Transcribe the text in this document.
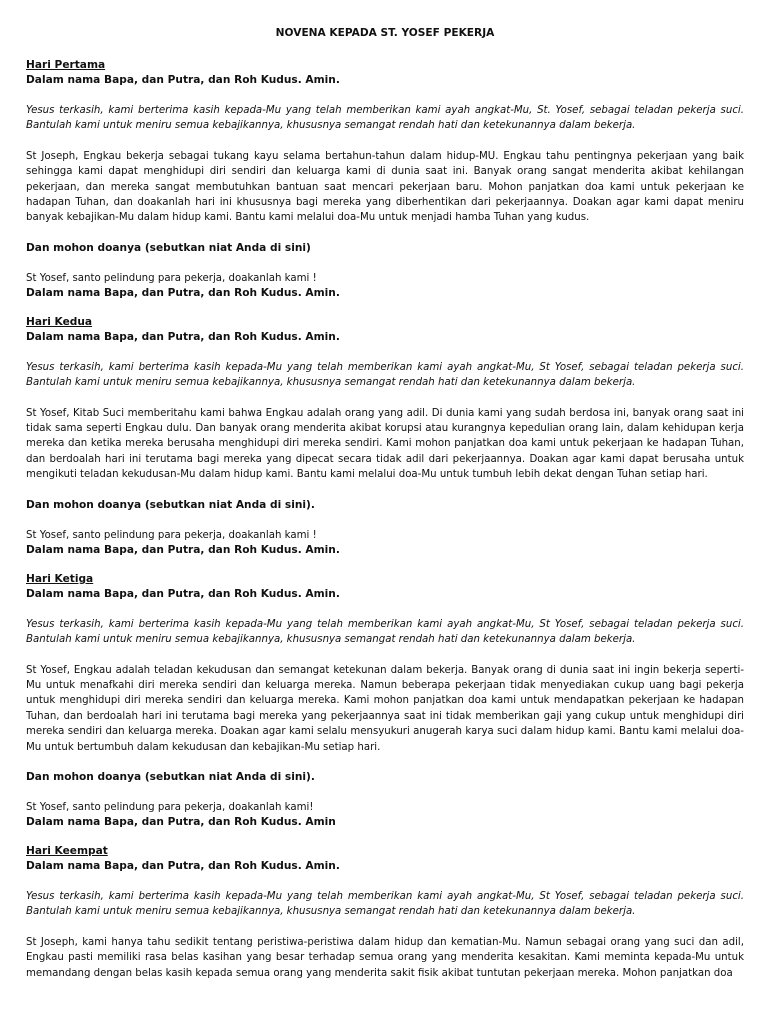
NOVENA KEPADA ST. YOSEF PEKERJA

Hari Pertama

Dalam nama Bapa, dan Putra, dan Roh Kudus. Amin.

Yesus terkasih, kami berterima kasih kepada-Mu yang telah memberikan kami ayah angkat-Mu, St. Yosef, sebagai teladan pekerja suci. Bantulah kami untuk meniru semua kebajikannya, khususnya semangat rendah hati dan ketekunannya dalam bekerja.

St Joseph, Engkau bekerja sebagai tukang kayu selama bertahun-tahun dalam hidup-MU. Engkau tahu pentingnya pekerjaan yang baik sehingga kami dapat menghidupi diri sendiri dan keluarga kami di dunia saat ini. Banyak orang sangat menderita akibat kehilangan pekerjaan, dan mereka sangat membutuhkan bantuan saat mencari pekerjaan baru. Mohon panjatkan doa kami untuk pekerjaan ke hadapan Tuhan, dan doakanlah hari ini khususnya bagi mereka yang diberhentikan dari pekerjaannya. Doakan agar kami dapat meniru banyak kebajikan-Mu dalam hidup kami. Bantu kami melalui doa-Mu untuk menjadi hamba Tuhan yang kudus.

Dan mohon doanya (sebutkan niat Anda di sini)

St Yosef, santo pelindung para pekerja, doakanlah kami !

Dalam nama Bapa, dan Putra, dan Roh Kudus. Amin.

Hari Kedua

Dalam nama Bapa, dan Putra, dan Roh Kudus. Amin.

Yesus terkasih, kami berterima kasih kepada-Mu yang telah memberikan kami ayah angkat-Mu, St Yosef, sebagai teladan pekerja suci. Bantulah kami untuk meniru semua kebajikannya, khususnya semangat rendah hati dan ketekunannya dalam bekerja.

St Yosef, Kitab Suci memberitahu kami bahwa Engkau adalah orang yang adil. Di dunia kami yang sudah berdosa ini, banyak orang saat ini tidak sama seperti Engkau dulu. Dan banyak orang menderita akibat korupsi atau kurangnya kepedulian orang lain, dalam kehidupan kerja mereka dan ketika mereka berusaha menghidupi diri mereka sendiri. Kami mohon panjatkan doa kami untuk pekerjaan ke hadapan Tuhan, dan berdoalah hari ini terutama bagi mereka yang dipecat secara tidak adil dari pekerjaannya. Doakan agar kami dapat berusaha untuk mengikuti teladan kekudusan-Mu dalam hidup kami. Bantu kami melalui doa-Mu untuk tumbuh lebih dekat dengan Tuhan setiap hari.

Dan mohon doanya (sebutkan niat Anda di sini).

St Yosef, santo pelindung para pekerja, doakanlah kami !

Dalam nama Bapa, dan Putra, dan Roh Kudus. Amin.

Hari Ketiga

Dalam nama Bapa, dan Putra, dan Roh Kudus. Amin.

Yesus terkasih, kami berterima kasih kepada-Mu yang telah memberikan kami ayah angkat-Mu, St Yosef, sebagai teladan pekerja suci. Bantulah kami untuk meniru semua kebajikannya, khususnya semangat rendah hati dan ketekunannya dalam bekerja.

St Yosef, Engkau adalah teladan kekudusan dan semangat ketekunan dalam bekerja. Banyak orang di dunia saat ini ingin bekerja seperti-Mu untuk menafkahi diri mereka sendiri dan keluarga mereka. Namun beberapa pekerjaan tidak menyediakan cukup uang bagi pekerja untuk menghidupi diri mereka sendiri dan keluarga mereka. Kami mohon panjatkan doa kami untuk mendapatkan pekerjaan ke hadapan Tuhan, dan berdoalah hari ini terutama bagi mereka yang pekerjaannya saat ini tidak memberikan gaji yang cukup untuk menghidupi diri mereka sendiri dan keluarga mereka. Doakan agar kami selalu mensyukuri anugerah karya suci dalam hidup kami. Bantu kami melalui doa-Mu untuk bertumbuh dalam kekudusan dan kebajikan-Mu setiap hari.

Dan mohon doanya (sebutkan niat Anda di sini).

St Yosef, santo pelindung para pekerja, doakanlah kami!

Dalam nama Bapa, dan Putra, dan Roh Kudus. Amin

Hari Keempat

Dalam nama Bapa, dan Putra, dan Roh Kudus. Amin.

Yesus terkasih, kami berterima kasih kepada-Mu yang telah memberikan kami ayah angkat-Mu, St Yosef, sebagai teladan pekerja suci. Bantulah kami untuk meniru semua kebajikannya, khususnya semangat rendah hati dan ketekunannya dalam bekerja.

St Joseph, kami hanya tahu sedikit tentang peristiwa-peristiwa dalam hidup dan kematian-Mu. Namun sebagai orang yang suci dan adil, Engkau pasti memiliki rasa belas kasihan yang besar terhadap semua orang yang menderita kesakitan. Kami meminta kepada-Mu untuk memandang dengan belas kasih kepada semua orang yang menderita sakit fisik akibat tuntutan pekerjaan mereka. Mohon panjatkan doa
